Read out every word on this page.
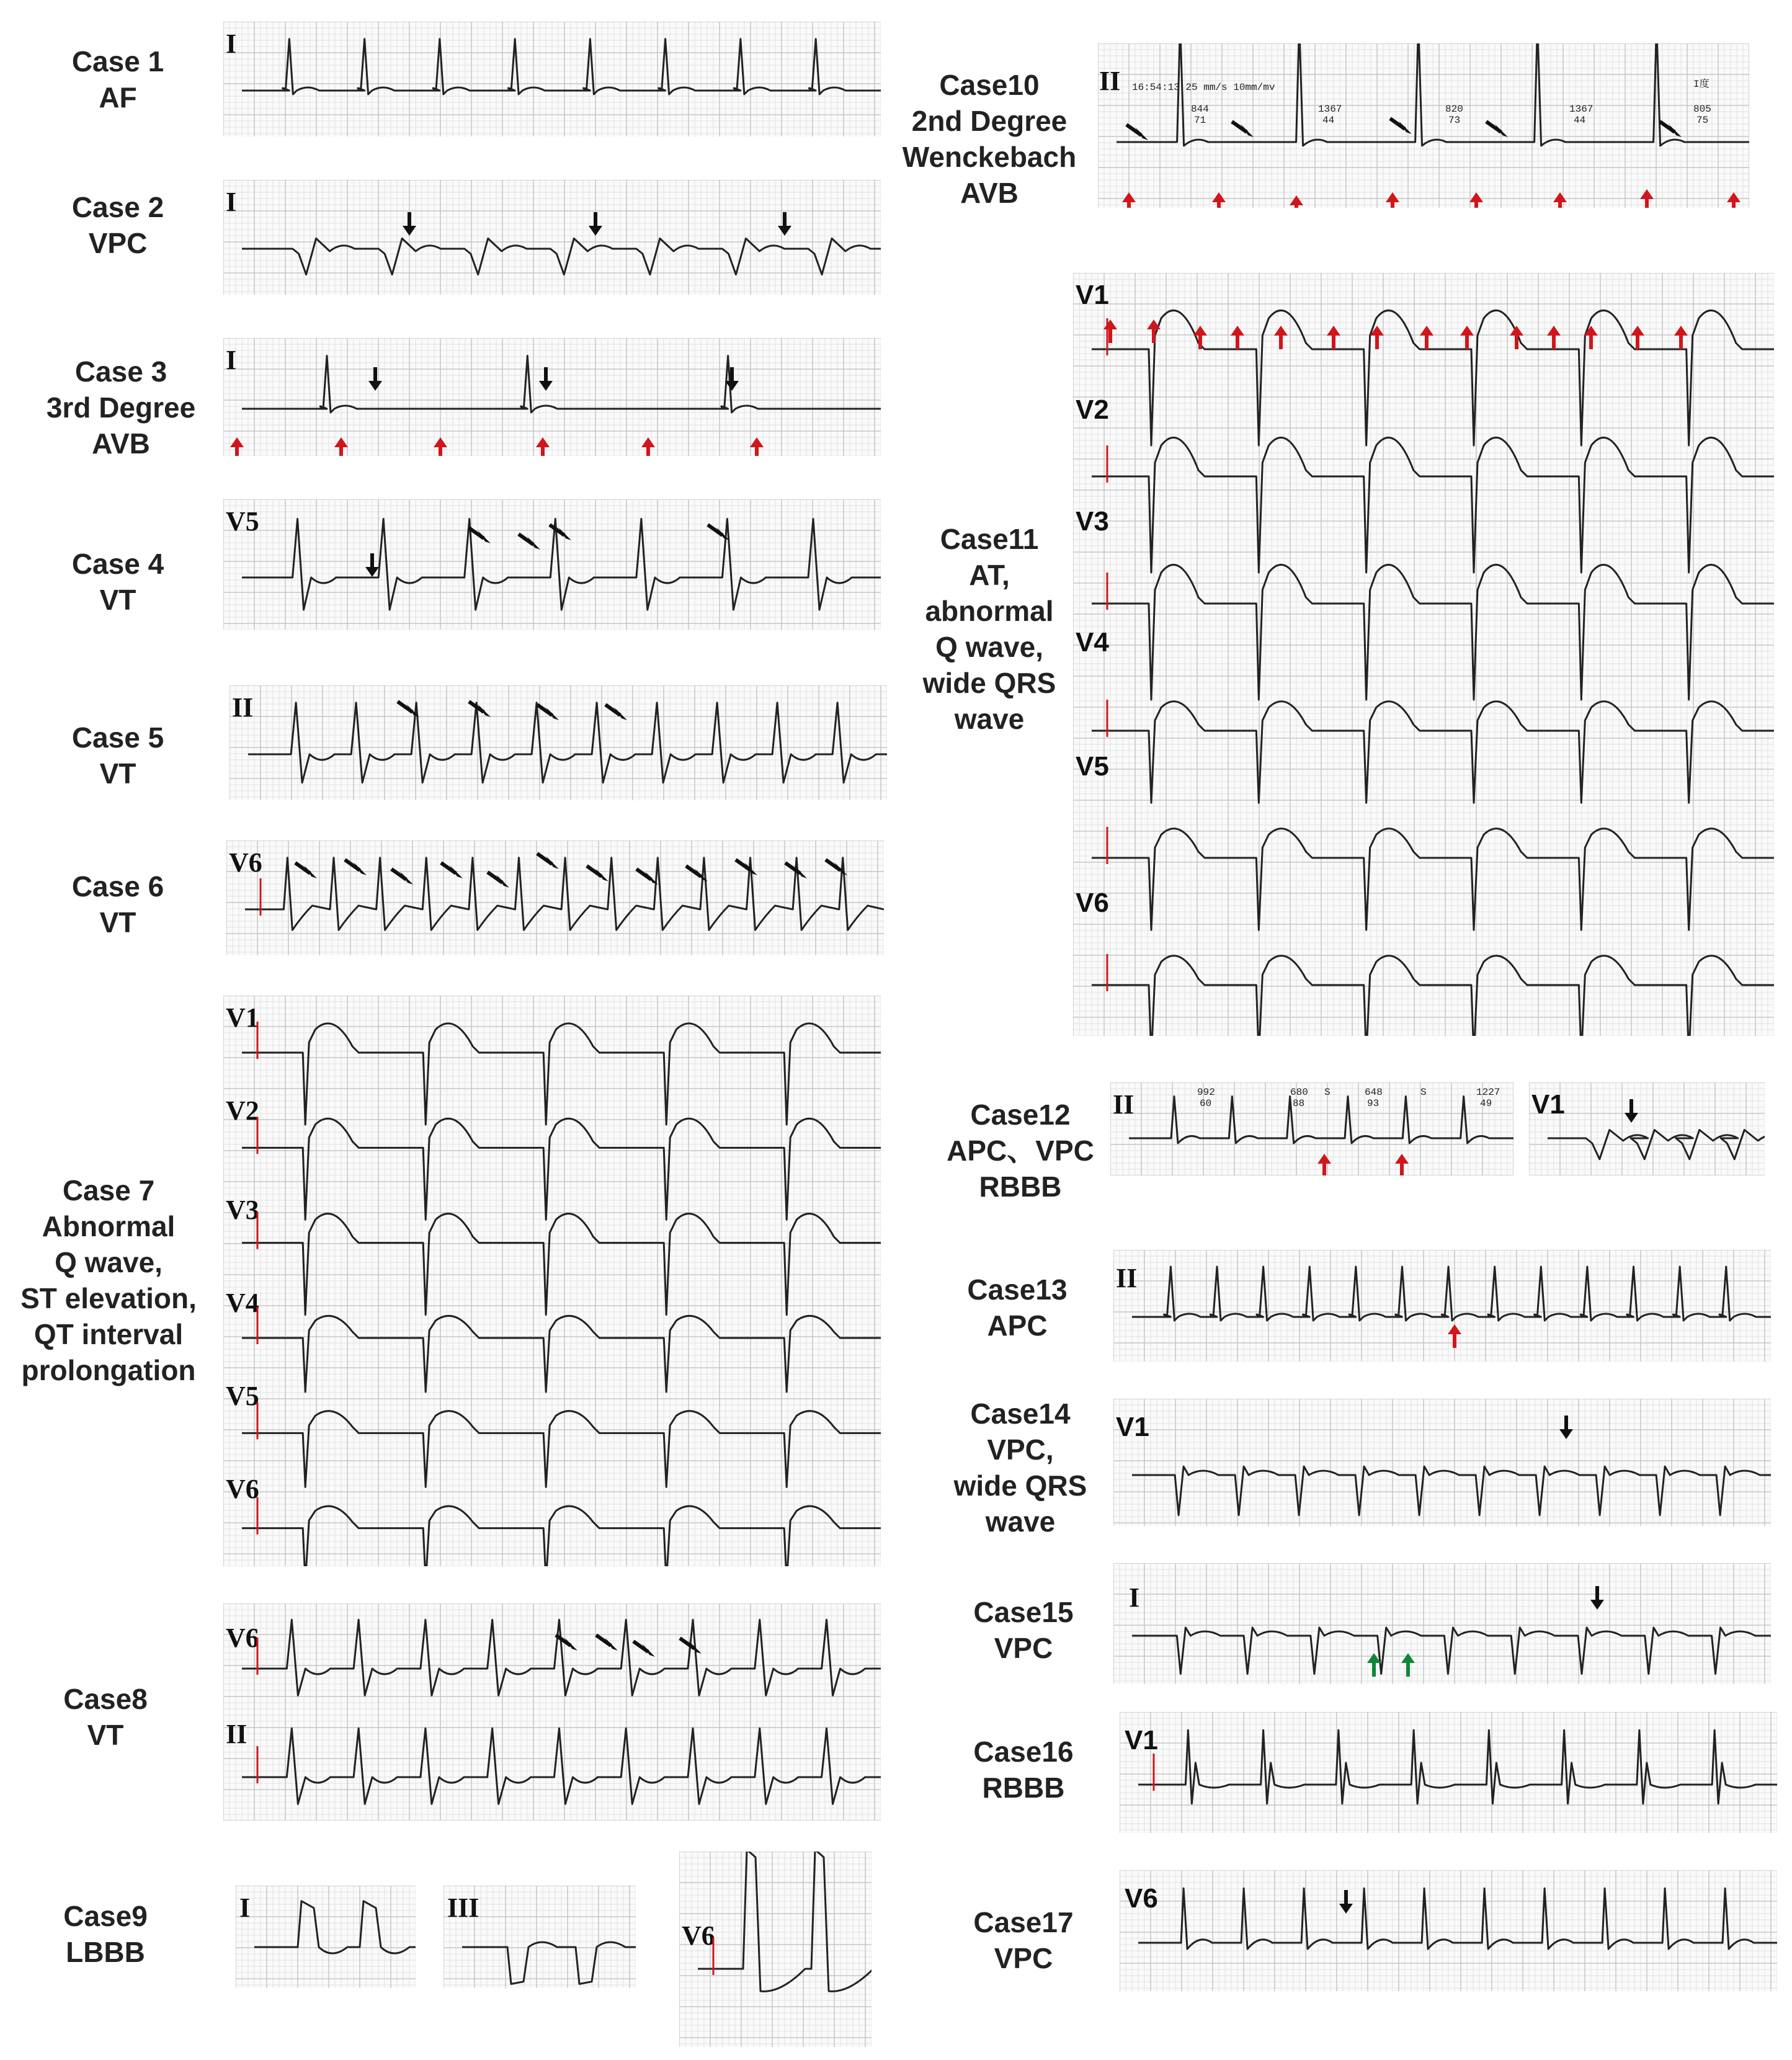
Case 1
AF
Case 2
VPC
Case 3
3rd Degree
AVB
Case 4
VT
Case 5
VT
Case 6
VT
Case 7
Abnormal
Q wave,
ST elevation,
QT interval
prolongation
Case8
VT
Case9
LBBB
Case10
2nd Degree
Wenckebach
AVB
Case11
AT,
abnormal
Q wave,
wide QRS
wave
Case12
APC、VPC
RBBB
Case13
APC
Case14
VPC,
wide QRS
wave
Case15
VPC
Case16
RBBB
Case17
VPC
I
I
I
V5
II
V6
V1
V2
V3
V4
V5
V6
V6
II
I	III
V6
II 16:54:13 25 mm/s 10mm/mv	I度
844
71
1367
44
820
73
1367
44
805
75
V1
V2
V3
V4
V5
V6
II	992
60
680
88
S	648
93
S	1227
49 V1
II
V1
I
V1
V6
